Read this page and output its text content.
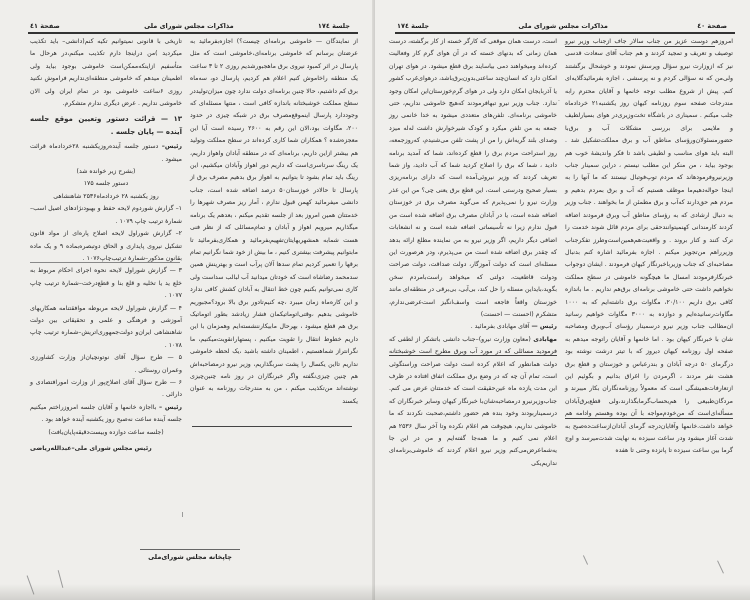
جلسة ١٧٤
مذاکرات مجلس شورای ملی
صفحة ٤١

از نمایندگان — خاموشی برنامه‌ای چیست؟) اجازه‌بفرمائید به عرضتان برسانم که خاموشی برنامه‌ای،خاموشی است که مثل پارسال در اثر کمبود نیروی برق ماهجبورشدیم روزی ۲ تا ۳ ساعت یک منطقه راخاموش کنیم اعلام هم کردیم، پارسال دو، سه‌ماه برق کم داشتیم، حالا چنین برنامه‌ای دولت ندارد چون میزان‌تولیددر سطح مملکت خوشبختانه باندازه کافی است ، منتها مسئله‌ای که وجوددارد پارسال اینموقع‌مصرف برق در شبکه چیزی در حدود ۲۰۰، مگاوات بود،الان این رقم به ۲۶۰۰ رسیده است آیا این معجزه‌شده ؟ همکاران شما کاری کرده‌اند در سطح مملکت وتولید هم بیشتر ازاین داریم، برنامه‌ای که در منطقه آبادان واهواز داریم، یک رینگ سرتاسری‌است که داریم دور اهواز وآبادان میکشیم، این رینگ باید تمام بشود تا بتوانیم به اهواز برق بدهیم مصرف برق از پارسال تا حالادر خوزستان۵۰ درصد اضافه شده است، جناب دانشی میفرمائید کهمن قبول ندارم ، آمار ریز مصرف شهرها را خدمتتان همین امروز بعد از جلسه تقدیم میکنم ، بعدهم یک برنامه میگذاریم میرویم اهواز و آبادان و تمام‌مسائلی که از نظر فنی هست شمابه همشهریهایتان‌تفهیم‌بفرمائید و همکاری‌بفرمائید تا مابتوانیم پیشرفت بیشتری کنیم ، ما بیش از خود شما نگرانیم تمام برقها را تعمیر کردیم تمام سدها آلان پرآب است و بهترینش همین سدمحمد رضاشاه است که خودتان میدانید آب لبالب سداست ولی کاری نمی‌توانیم بکنیم چون خط انتقال به آبادان کشش کافی ندارد و این کاره‌ماه زمان میبرد ،چه کنیم‌تادور برق بالا برود؟مجبوریم خاموشی بدهیم ،وقتی‌اتوماتیکمان فشار زیادشد بطور اتوماتیک برق هم قطع میشود ، بهرحال مابیکارننشسته‌ایم وهمزمان با این داریم خطوط انتقال را تقویت میکنیم ، پستهارانقویت‌میکنیم، ما نگرانتراز شماهستیم ، اطمینان داشته باشید ،یک لحظه خاموشی نداریم تااین یکسال را پشت سربگذاریم، وزیر نیرو درمصاحبه‌اش هم چنین چیزی‌نگفته واگر خبرنگاران در روز نامه چنین‌چیزی نوشته‌اند من‌تکذیب میکنم ، من به مندرجات روزنامه به عنوان یکسند

تاریخی با قانونی نمیتوانیم تکیه کنم(دانشی– باید تکذیب میکردید )من دراینجا دارم تکذیب میکنم،در هرحال ما متأسفیم ازاینکه‌ممکن‌است خاموشی بوجود بیاید ولی اطمینان میدهم که خاموشی منطقه‌ای‌نداریم فراموش نکنید روزی ۶ساعت خاموشی بود در تمام ایران ولی الان خاموشی نداریم . عرض دیگری ندارم متشکرم.

۱۳ — قرائت دستور وتعیین موقع جلسه آینده — پایان جلسه .

رئیس– دستور جلسه آینده‌روزیکشنبه ۲۸خردادماه قرائت میشود .

(بشرح زیر خوانده شد)

دستور جلسه ۱۷۵

روز یکشنبه ۲۸ خردادماه۲۵۳۶ شاهنشاهی

۱– گزارش شوردوم لایحه حفظ و بهبودنژادهای اصیل اسب–شمارهٔ ترتیب چاپ ۱۰۷۹ .

۲– گزارش شوراول لایحه اصلاح پاره‌ای از مواد قانون تشکیل نیروی پایداری و الحاق دوتبصره‌بماده ۹ و یک ماده بقانون مذکور–شمارهٔ ترتیب‌چاپ۱۰۷۶ .

۳ — گزارش شوراول لایحه نحوه اجرای احکام مربوط به خلع ید یا تخلیه و قلع بنا و قطع‌درخت–شمارهٔ ترتیب چاپ ۱۰۷۷ .

۴ — گزارش شوراول لایحه مربوطه موافقتنامه همکاریهای آموزشی و فرهنگی و علمی و تحقیقاتی بین دولت شاهنشاهی ایران‌و دولت‌جمهوری‌اتریش–شماره ترتیب چاپ ۱۰۷۸ .

۵ — طرح سؤال آقای نوتونچیان‌از وزارت کشاورزی وعمران روستائی .

۶ — طرح سؤال آقای اصلاح‌پور از وزارت امورافتصادی و دارائی .

رئیس – بااجازه خانمها و آقایان جلسه امروزراختم میکنیم جلسه آینده ساعت نه‌صبح روز یکشنبه آینده خواهد بود .

(جلسه ساعت دوازده وبیست‌دقیقه‌پایان‌یافت)

رئیس مجلس شورای ملی–عبدالله‌ریاضی

چاپخانه مجلس شورای‌ملی
صفحة ٤٠
مذاکرات مجلس شورای ملی
جلسة ١٧٤

امروزهم دوست عزیز من جناب سالار جاف ازجناب وزیر نیرو توصیف و تعریف و تمجید کردند و هم جناب آقای سعادت قدسی نیز که ازوزارت نیرو سؤال وپرسش نمودند و خوشحال برگشتند ولی‌من که نه سؤالی کردم و نه پرسشی ، اجازه بفرمائیدگلایه‌ای کنم. پیش از شروع مطلب توجه خانمها و آقایان محترم رابه مندرجات صفحه سوم روزنامه کیهان روز یکشنبه۲۱ خردادماه جلب میکنم . سمیناری در باشگاه تخت‌وزیری‌در هوای بسیارلطیف و ملایمی برای بررسی مشکلات آب و برق‌با حضور‌مسئولان‌ورؤسای مناطق آب و برق مملکت‌تشکیل شد . البته باید هوای مناسب و لطیفی باشد تا فکر واندیشهٔ خوب هم بوجود بیاید ، من منکر این مطلب نیستم ، دراین سمینار جناب وزیرنیروفرمودهاند که مردم توپ‌فوتبال نیستند که ما آنها را به اینجا حواله‌دهیم‌ما موظف هستیم که آب و برق بمردم بدهیم و مردم هم حق‌دارند که‌آب و برق مطمئن از ما بخواهند . جناب وزیر به دنبال ارشادی که به رؤسای مناطق آب وبرق فرمودند اضافه کردند کارمندانی کهنمیتوانندحقی برای مردم قائل شوند خدمت را ترک کنند و کنار بروند . و واقعیت‌هم‌همین‌است‌وطرز تفکرجناب وزیرراهم من‌تجویز میکنم . اجازه بفرمائید اشاره کنم بدنبال مصاحبه‌ای که جناب وزیرباخبرنگار کیهان فرمودند . ایشان دوجواب خبرنگارفرمودند امسال ما هیچگونه خاموشی در سطح مملکت نخواهیم داشت حتی خاموشی برنامه‌ای برق‌هم نداریم . ما باندازه کافی برق داریم ۲۰/۱۰۰، مگاوات برق داشته‌ایم که به ۱۰۰۰ مگاوات‌رسانیده‌ایم و دوازده به ۳۰۰۰ مگاوات خواهیم رسانید ان‌مطالب جناب وزیر نیرو درسمینار رؤسای آب‌وبرق ومصاحبه شان با خبرنگار کیهان بود . اما خانمها و آقایان راتوجه میدهم به صفحه اول روزنامه کیهان دیروز که با تیتر درشت نوشته بود درگرمای ۵۰ درجه آبادان و بندرعباس و خوزستان و قطع برق هشت نفر مردند ، اگرمردن را اغراق بدانیم و بگوئیم این ازتعارفات‌همیشگی است که معمولاً روزنامه‌نگاران بکار میبرند و مردگان‌طبیعی را هم‌بحساب‌گرمابگذارند،ولی قطع‌برق‌آبادان مسأله‌ای‌است که من‌خودم‌مواجه با آن بوده وهستم وادامه هم خواهد داشت.خانمها وآقایان‌درجه گرمای آبادان‌ازساعت‌ده‌صبح به شدت آغاز میشود ودر ساعت سیزده به نهایت شدت‌میرسد و اوج گرما بین ساعت سیزده تا پانزده وحتی تا هفده

است، درست همان موقعی که کارگر خسته از کار برگشته، درست همان زمانی که بدنهای خسته که در آن هوای گرم کار وفعالیت کرده‌اند ومیخواهند دمی بیاسایند برق قطع میشود. در هوای تهران امکان دارد که انسان‌چند ساعتی‌بدون‌برق‌باشد، درهوای‌غرب کشور یا آذربایجان امکان دارد ولی در هوای گرم‌خوزستان‌این امکان وجود ندارد. جناب وزیر نیرو تبهافرمودند که‌هیچ خاموشی نداریم، حتی خاموشی برنامه‌ای. تلفن‌های متعددی میشود به خدا خانمی روز جمعه به من تلفن میکرد و کودک شیرخوارش داشت له‌له میزد وصدای بلند گریه‌اش را من از پشت تلفن می‌شنیدم، که‌روزجمعه، روز استراحت مردم برق را قطع کرده‌اند، شما که آمدید برنامه دادید ، شما که برق را اصلاح کردید شما که آب دادید، واز شما تعریف کردند که وزیر نیروئی‌آمده است که دارای برنامه‌ریزی بسیار صحیح ودرستی است، این قطع برق یعنی چی؟ من این عذر وزارت نیرو را نمی‌پذیرم که می‌گوید مصرف برق در خوزستان اضافه شده است، یا در آبادان مصرف برق اضافه شده است من قبول ندارم زیرا نه تأسیساتی اضافه شده است و نه انشعابات اضافی دیگر داریم، اگر وزیر نیرو به من نماینده مطلع ارائه بدهد که چقدر برق اضافه شده است من می‌پذیرم، ودر هرصورت این مسئله‌ای است که دولت آموزگار، دولت صداقت، دولت صراحت ودولت قاطعیت، دولتی که میخواهد راست‌بامردم سخن بگوید،بایداین مسئله را حل کند، بی‌آبی، بی‌برقی در منطقه‌ای مانند خوزستان واقعاً فاجعه است واسف‌انگیز است‌عرضی‌ندارم، متشکرم (احسنت — احسنت)

رئیس — آقای مهابادی بفرمائید .

مهابادی (معاون وزارت نیرو)–جناب دانشی باتشکر از لطفی که فرمودید مسائلی که در مورد آب وبرق مطرح است خوشبختانه دولت همانطور که اعلام کرده است دولت صراحت وراستگوئی است، تمام آن چه که در وضع برق مملکت اتفاق افتاده در ظرف این مدت یازده ماه عین‌حقیقت است که خدمتتان عرض می کنم. جناب‌وزیرنیرو درمصاحبه‌شان‌با خبرنگار کیهان وسایر خبرنگاران که درسمیناربودند وخود بنده هم حضور داشتم،صحبت نکردند که ما خاموشی نداریم، هیچوقت هم اعلام نکرده وتا آخر سال ۲۵۳۶ هم اعلام نمی کنیم و ما همه‌جا گفته‌ایم و من در این جا یه‌شماعرض‌می‌کنم وزیر نیرو اعلام کردند که خاموشی‌برنامه‌ای نداریم‌یکی

·
